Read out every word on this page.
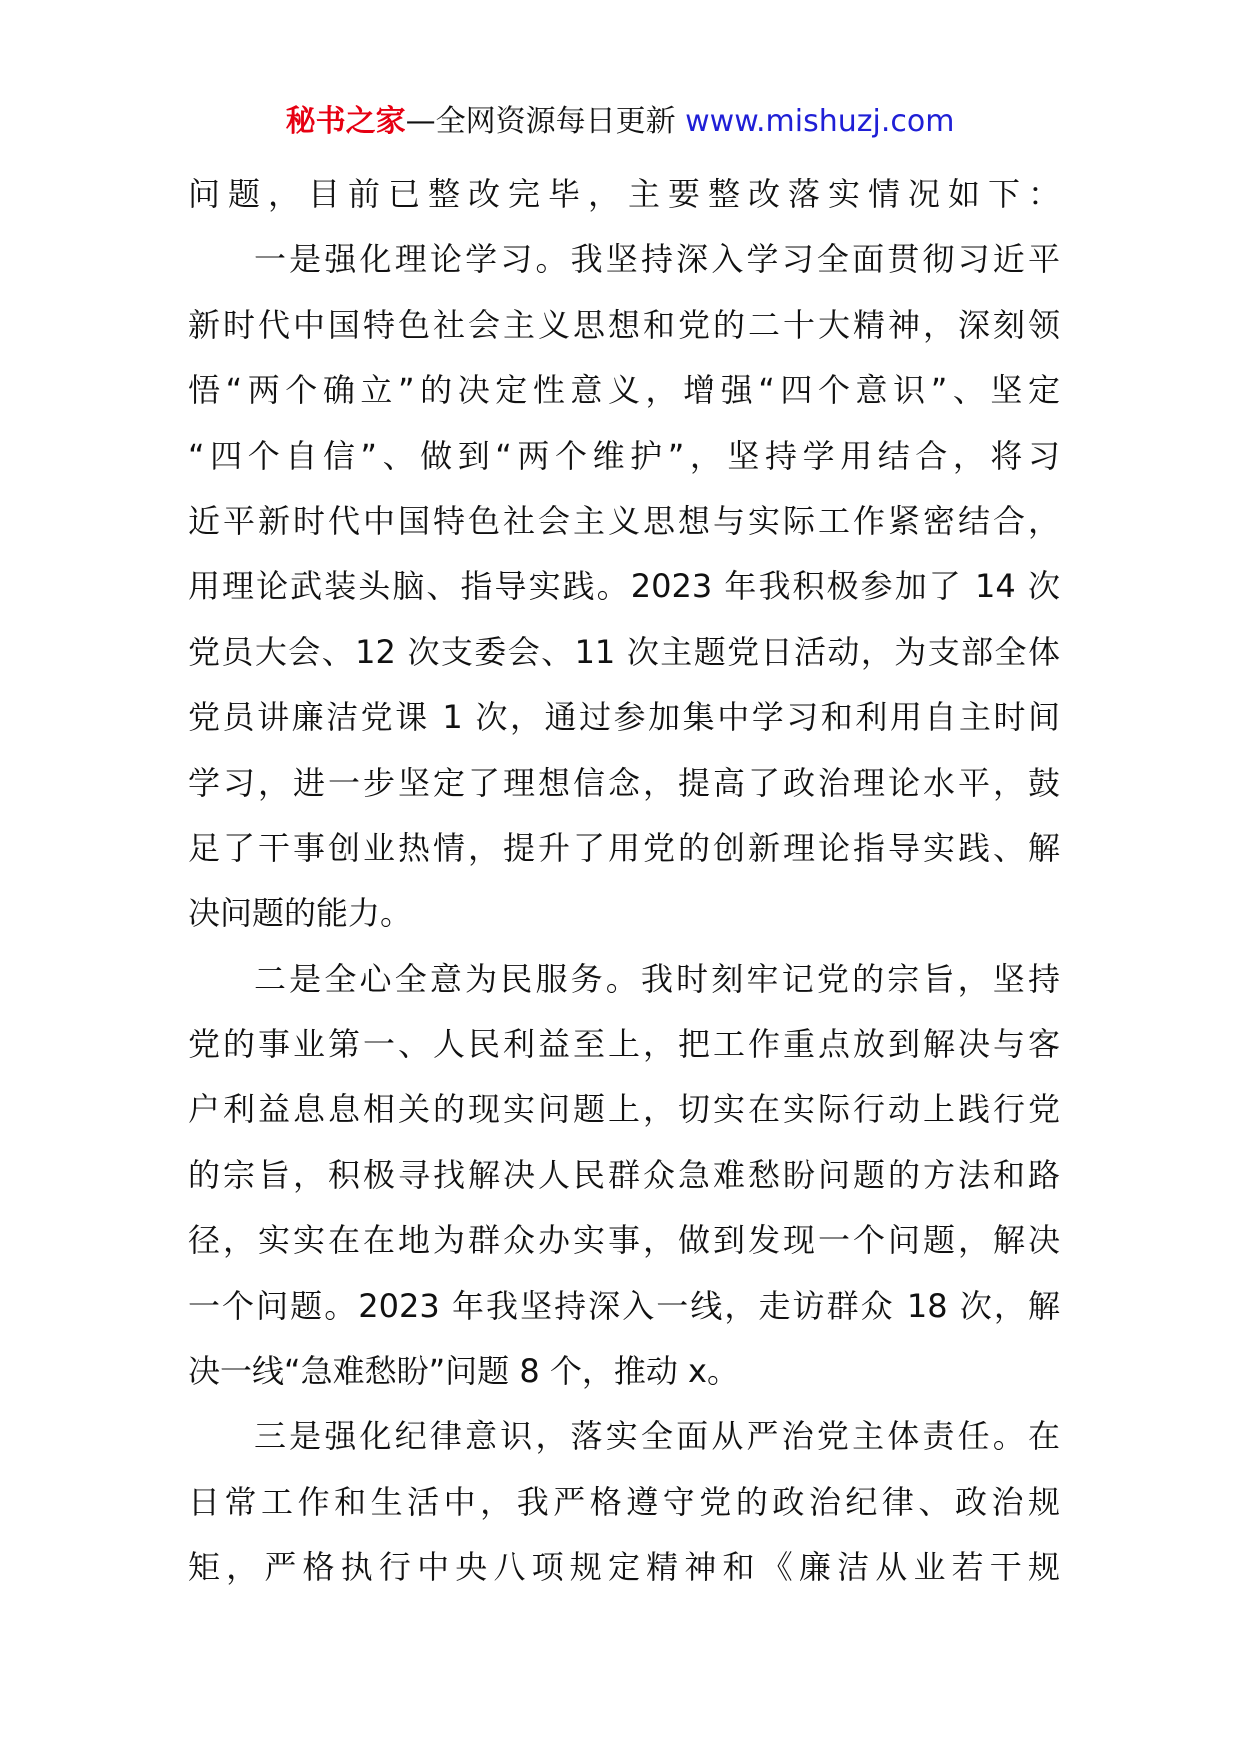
秘书之家—全网资源每日更新 www.mishuzj.com
问题，目前已整改完毕，主要整改落实情况如下：
一是强化理论学习。我坚持深入学习全面贯彻习近平
新时代中国特色社会主义思想和党的二十大精神，深刻领
悟“两个确立”的决定性意义，增强“四个意识”、坚定
“四个自信”、做到“两个维护”，坚持学用结合，将习
近平新时代中国特色社会主义思想与实际工作紧密结合，
用理论武装头脑、指导实践。2023 年我积极参加了 14 次
党员大会、12 次支委会、11 次主题党日活动，为支部全体
党员讲廉洁党课 1 次，通过参加集中学习和利用自主时间
学习，进一步坚定了理想信念，提高了政治理论水平，鼓
足了干事创业热情，提升了用党的创新理论指导实践、解
决问题的能力。
二是全心全意为民服务。我时刻牢记党的宗旨，坚持
党的事业第一、人民利益至上，把工作重点放到解决与客
户利益息息相关的现实问题上，切实在实际行动上践行党
的宗旨，积极寻找解决人民群众急难愁盼问题的方法和路
径，实实在在地为群众办实事，做到发现一个问题，解决
一个问题。2023 年我坚持深入一线，走访群众 18 次，解
决一线“急难愁盼”问题 8 个，推动 x。
三是强化纪律意识，落实全面从严治党主体责任。在
日常工作和生活中，我严格遵守党的政治纪律、政治规
矩，严格执行中央八项规定精神和《廉洁从业若干规
